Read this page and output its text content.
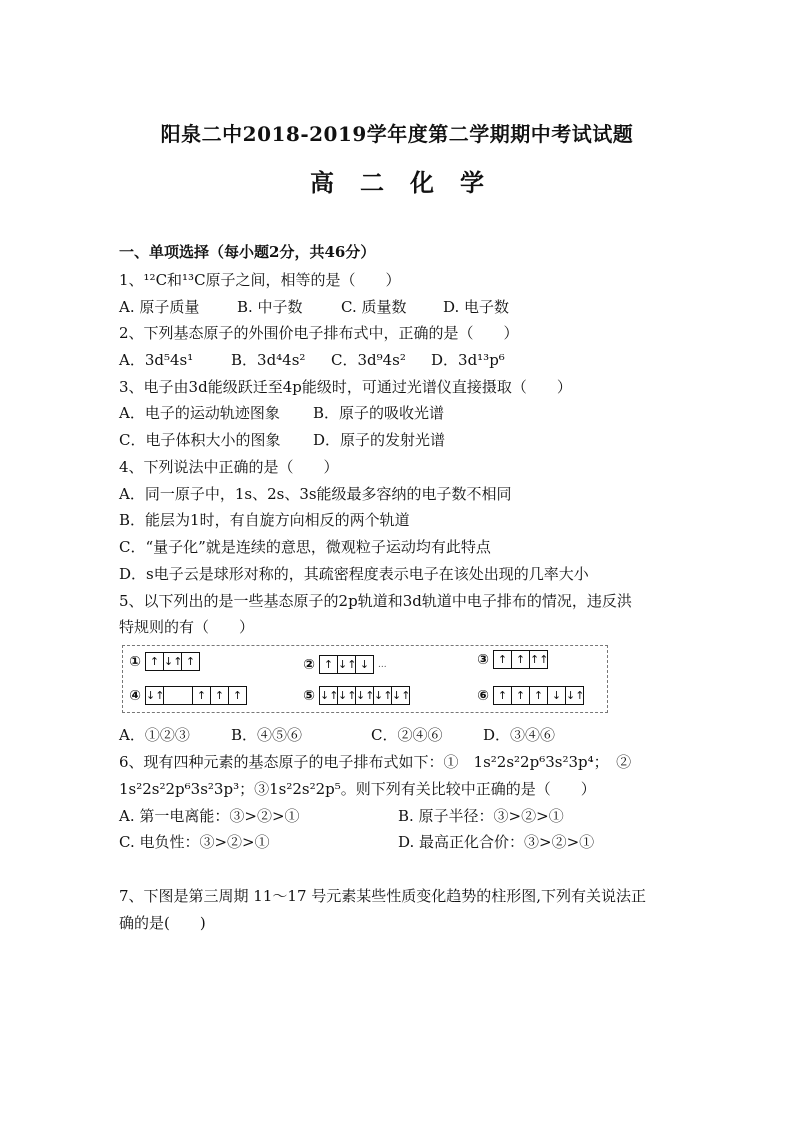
阳泉二中2018-2019学年度第二学期期中考试试题
高二化学
一、单项选择（每小题2分，共46分）
1、¹²C和¹³C原子之间，相等的是（　　）
A. 原子质量	B. 中子数	C. 质量数 D. 电子数
2、下列基态原子的外围价电子排布式中，正确的是（　　）
A．3d⁵4s¹	B．3d⁴4s² C．3d⁹4s² D．3d¹³p⁶
3、电子由3d能级跃迁至4p能级时，可通过光谱仪直接摄取（　　）
A．电子的运动轨迹图象 B．原子的吸收光谱
C．电子体积大小的图象 D．原子的发射光谱
4、下列说法中正确的是（　　）
A．同一原子中，1s、2s、3s能级最多容纳的电子数不相同
B．能层为1时，有自旋方向相反的两个轨道
C．“量子化”就是连续的意思，微观粒子运动均有此特点
D．s电子云是球形对称的，其疏密程度表示电子在该处出现的几率大小
5、以下列出的是一些基态原子的2p轨道和3d轨道中电子排布的情况，违反洪
特规则的有（　　）
① ↑ ↓↑ ↑	② ↑ ↓↑ ↓ ...	③ ↑ ↑ ↑↑
④ ↓↑	↑ ↑ ↑	⑤ ↓↑ ↓↑ ↓↑ ↓↑ ↓↑	⑥ ↑ ↑ ↑ ↓ ↓↑
A．①②③	B．④⑤⑥	C．②④⑥	D．③④⑥
6、现有四种元素的基态原子的电子排布式如下：①　1s²2s²2p⁶3s²3p⁴；　②
1s²2s²2p⁶3s²3p³；③1s²2s²2p⁵。则下列有关比较中正确的是（　　）
A. 第一电离能：③>②>①	B. 原子半径：③>②>①
C. 电负性：③>②>①	D. 最高正化合价：③>②>①
7、下图是第三周期 11～17 号元素某些性质变化趋势的柱形图,下列有关说法正
确的是(　　)
